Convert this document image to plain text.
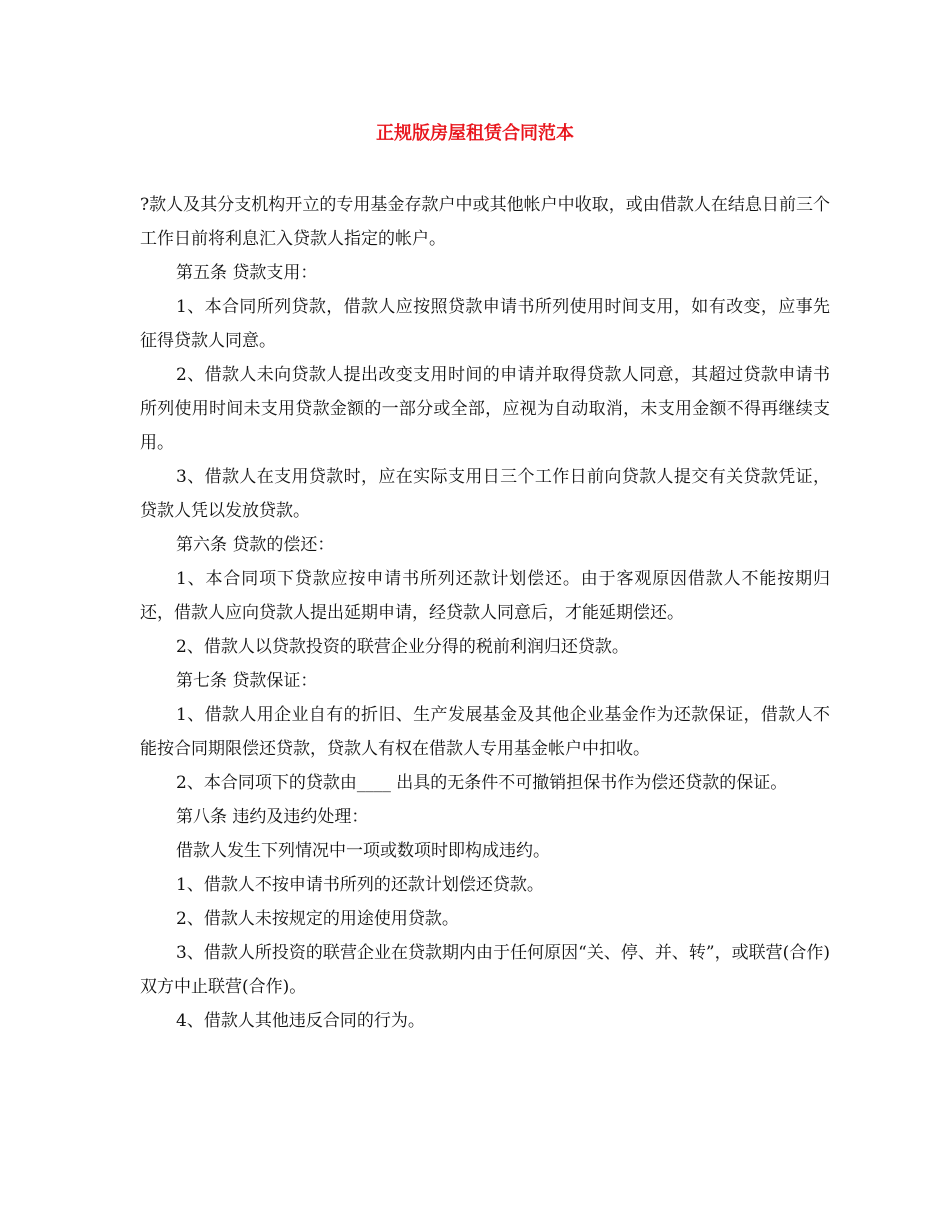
正规版房屋租赁合同范本

?款人及其分支机构开立的专用基金存款户中或其他帐户中收取，或由借款人在结息日前三个工作日前将利息汇入贷款人指定的帐户。

第五条 贷款支用：

1、本合同所列贷款，借款人应按照贷款申请书所列使用时间支用，如有改变，应事先征得贷款人同意。

2、借款人未向贷款人提出改变支用时间的申请并取得贷款人同意，其超过贷款申请书所列使用时间未支用贷款金额的一部分或全部，应视为自动取消，未支用金额不得再继续支用。

3、借款人在支用贷款时，应在实际支用日三个工作日前向贷款人提交有关贷款凭证，贷款人凭以发放贷款。

第六条 贷款的偿还：

1、本合同项下贷款应按申请书所列还款计划偿还。由于客观原因借款人不能按期归还，借款人应向贷款人提出延期申请，经贷款人同意后，才能延期偿还。

2、借款人以贷款投资的联营企业分得的税前利润归还贷款。

第七条 贷款保证：

1、借款人用企业自有的折旧、生产发展基金及其他企业基金作为还款保证，借款人不能按合同期限偿还贷款，贷款人有权在借款人专用基金帐户中扣收。

2、本合同项下的贷款由____ 出具的无条件不可撤销担保书作为偿还贷款的保证。

第八条 违约及违约处理：

借款人发生下列情况中一项或数项时即构成违约。

1、借款人不按申请书所列的还款计划偿还贷款。

2、借款人未按规定的用途使用贷款。

3、借款人所投资的联营企业在贷款期内由于任何原因“关、停、并、转”，或联营(合作)双方中止联营(合作)。

4、借款人其他违反合同的行为。
